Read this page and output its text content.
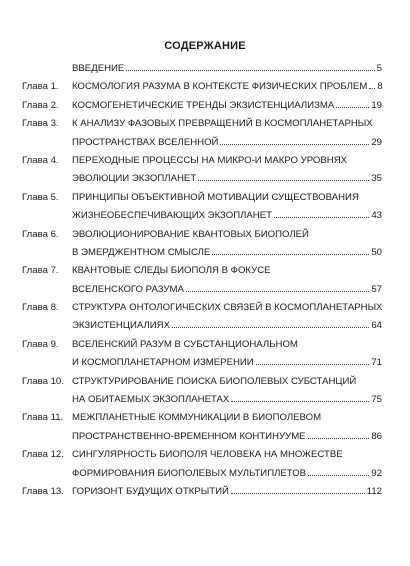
СОДЕРЖАНИЕ
ВВЕДЕНИЕ	5
Глава 1.	КОСМОЛОГИЯ РАЗУМА В КОНТЕКСТЕ ФИЗИЧЕСКИХ ПРОБЛЕМ 8
Глава 2.	КОСМОГЕНЕТИЧЕСКИЕ ТРЕНДЫ ЭКЗИСТЕНЦИАЛИЗМА	19
Глава 3.	К АНАЛИЗУ ФАЗОВЫХ ПРЕВРАЩЕНИЙ В КОСМОПЛАНЕТАРНЫХ
ПРОСТРАНСТВАХ ВСЕЛЕННОЙ	29
Глава 4.	ПЕРЕХОДНЫЕ ПРОЦЕССЫ НА МИКРО-И МАКРО УРОВНЯХ
ЭВОЛЮЦИИ ЭКЗОПЛАНЕТ	35
Глава 5.	ПРИНЦИПЫ ОБЪЕКТИВНОЙ МОТИВАЦИИ СУЩЕСТВОВАНИЯ
ЖИЗНЕОБЕСПЕЧИВАЮЩИХ ЭКЗОПЛАНЕТ	43
Глава 6.	ЭВОЛЮЦИОНИРОВАНИЕ КВАНТОВЫХ БИОПОЛЕЙ
В ЭМЕРДЖЕНТНОМ СМЫСЛЕ	50
Глава 7.	КВАНТОВЫЕ СЛЕДЫ БИОПОЛЯ В ФОКУСЕ
ВСЕЛЕНСКОГО РАЗУМА	57
Глава 8.	СТРУКТУРА ОНТОЛОГИЧЕСКИХ СВЯЗЕЙ В КОСМОПЛАНЕТАРНЫХ
ЭКЗИСТЕНЦИАЛИЯХ	64
Глава 9.	ВСЕЛЕНСКИЙ РАЗУМ В СУБСТАНЦИОНАЛЬНОМ
И КОСМОПЛАНЕТАРНОМ ИЗМЕРЕНИИ	71
Глава 10. СТРУКТУРИРОВАНИЕ ПОИСКА БИОПОЛЕВЫХ СУБСТАНЦИЙ
НА ОБИТАЕМЫХ ЭКЗОПЛАНЕТАХ	75
Глава 11. МЕЖПЛАНЕТНЫЕ КОММУНИКАЦИИ В БИОПОЛЕВОМ
ПРОСТРАНСТВЕННО-ВРЕМЕННОМ КОНТИНУУМЕ	86
Глава 12. СИНГУЛЯРНОСТЬ БИОПОЛЯ ЧЕЛОВЕКА НА МНОЖЕСТВЕ
ФОРМИРОВАНИЯ БИОПОЛЕВЫХ МУЛЬТИПЛЕТОВ	92
Глава 13. ГОРИЗОНТ БУДУЩИХ ОТКРЫТИЙ	112
